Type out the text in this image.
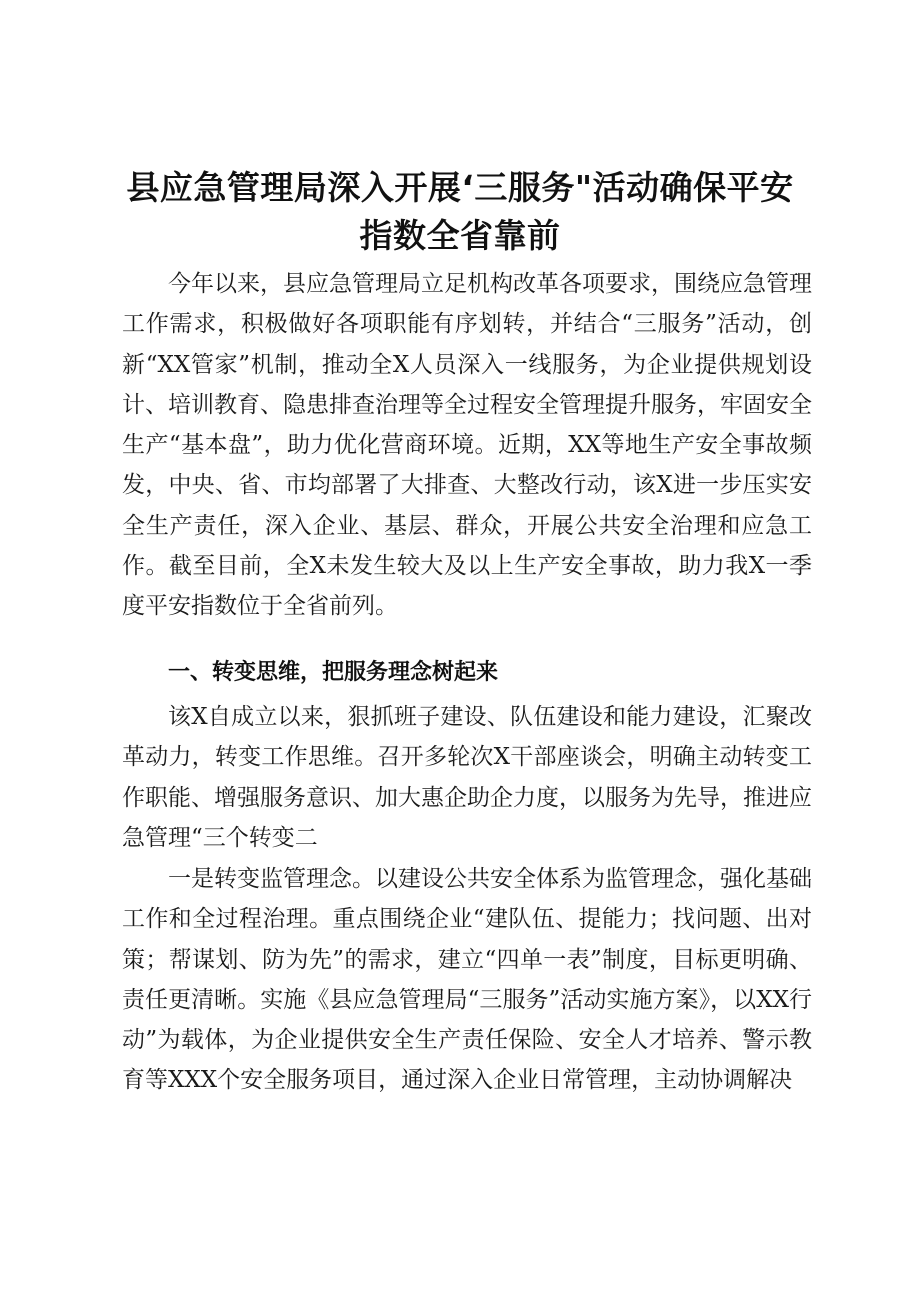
县应急管理局深入开展‘三服务"活动确保平安
指数全省靠前

今年以来，县应急管理局立足机构改革各项要求，围绕应急管理工作需求，积极做好各项职能有序划转，并结合“三服务”活动，创新“XX管家”机制，推动全X人员深入一线服务，为企业提供规划设计、培训教育、隐患排查治理等全过程安全管理提升服务，牢固安全生产“基本盘”，助力优化营商环境。近期，XX等地生产安全事故频发，中央、省、市均部署了大排查、大整改行动，该X进一步压实安全生产责任，深入企业、基层、群众，开展公共安全治理和应急工作。截至目前，全X未发生较大及以上生产安全事故，助力我X一季度平安指数位于全省前列。

一、转变思维，把服务理念树起来

该X自成立以来，狠抓班子建设、队伍建设和能力建设，汇聚改革动力，转变工作思维。召开多轮次X干部座谈会，明确主动转变工作职能、增强服务意识、加大惠企助企力度，以服务为先导，推进应急管理“三个转变二

一是转变监管理念。以建设公共安全体系为监管理念，强化基础工作和全过程治理。重点围绕企业“建队伍、提能力；找问题、出对策；帮谋划、防为先”的需求，建立“四单一表”制度，目标更明确、责任更清晰。实施《县应急管理局“三服务”活动实施方案》，以XX行动”为载体，为企业提供安全生产责任保险、安全人才培养、警示教育等XXX个安全服务项目，通过深入企业日常管理，主动协调解决
